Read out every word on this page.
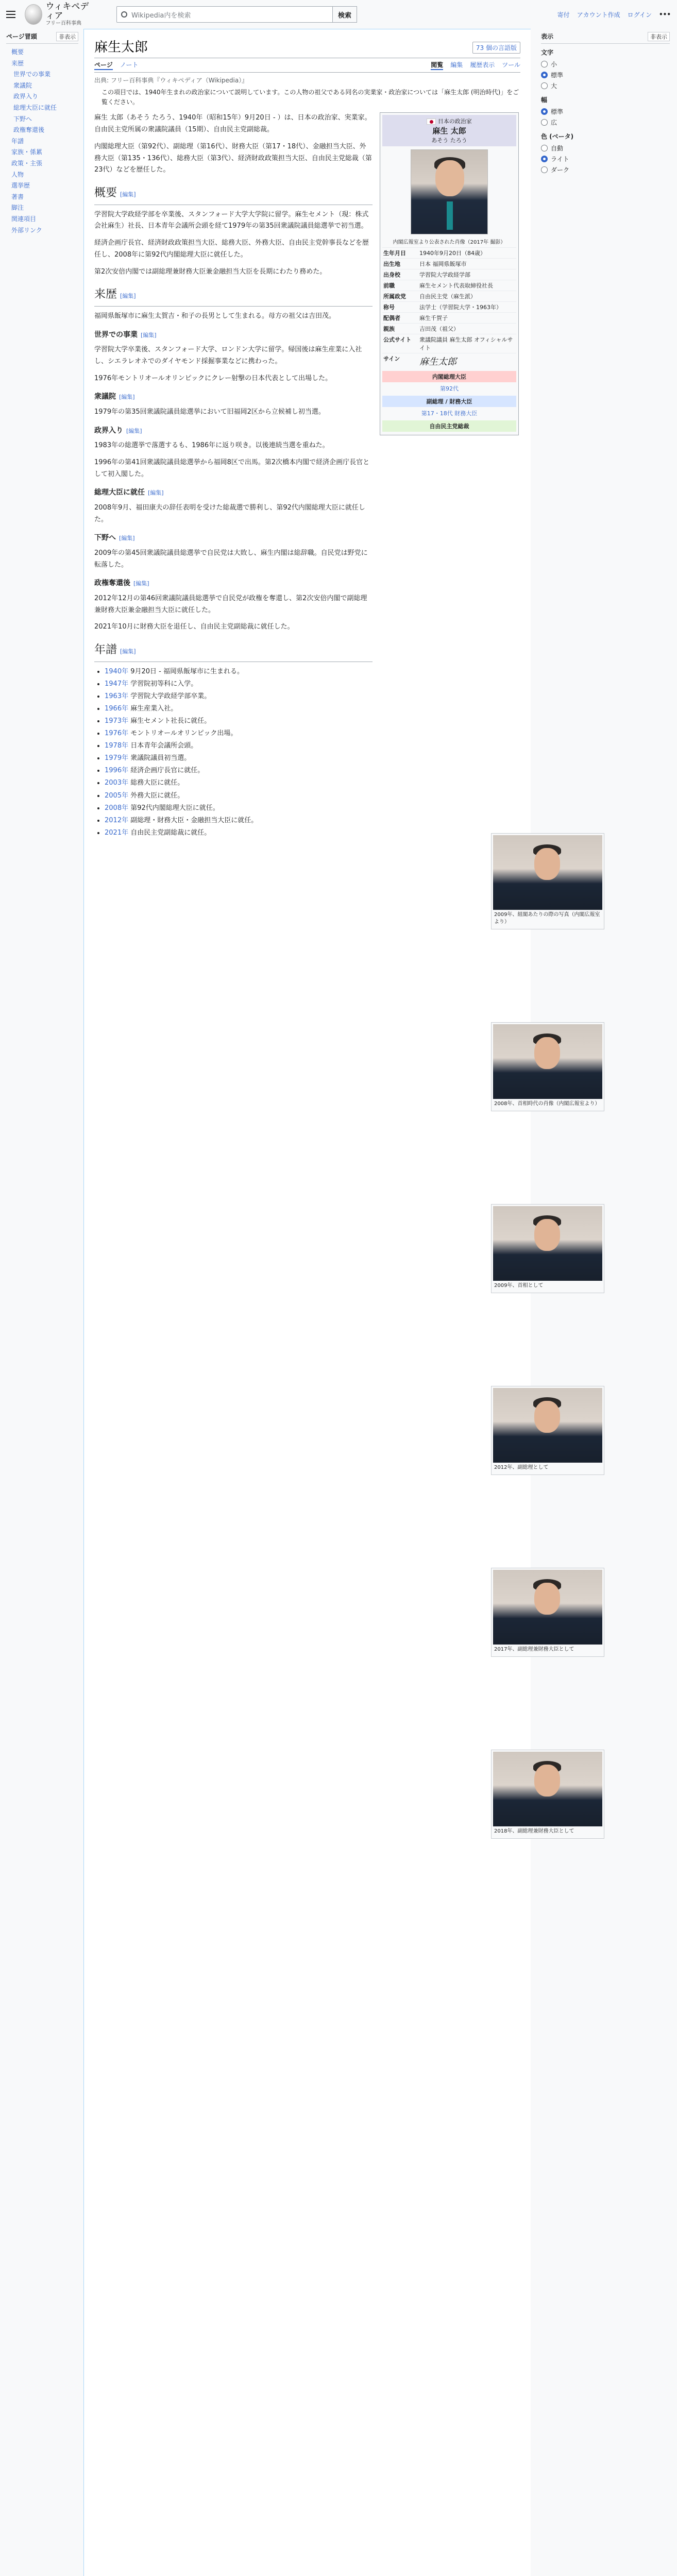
ウィキペディア
フリー百科事典
Wikipedia内を検索	検索	寄付 アカウント作成 ログイン •••
ページ冒頭	非表示
概要
来歴
世界での事業
衆議院
政界入り
総理大臣に就任
下野へ
政権奪還後
年譜
家族・係累
政策・主張
人物
選挙歴
著書
脚注
関連項目
外部リンク
麻生太郎	73 個の言語版
ページ ノート	閲覧 編集 履歴表示 ツール
出典: フリー百科事典『ウィキペディア（Wikipedia）』
この項目では、1940年生まれの政治家について説明しています。この人物の祖父である同名の実業家・政治家については「麻生太郎 (明治時代)」をご覧ください。

麻生 太郎（あそう たろう、1940年（昭和15年）9月20日 - ）は、日本の政治家、実業家。自由民主党所属の衆議院議員（15期）、自由民主党副総裁。

内閣総理大臣（第92代）、副総理（第16代）、財務大臣（第17・18代）、金融担当大臣、外務大臣（第135・136代）、総務大臣（第3代）、経済財政政策担当大臣、自由民主党総裁（第23代）などを歴任した。

概要 [編集]

学習院大学政経学部を卒業後、スタンフォード大学大学院に留学。麻生セメント（現：株式会社麻生）社長、日本青年会議所会頭を経て1979年の第35回衆議院議員総選挙で初当選。

経済企画庁長官、経済財政政策担当大臣、総務大臣、外務大臣、自由民主党幹事長などを歴任し、2008年に第92代内閣総理大臣に就任した。

第2次安倍内閣では副総理兼財務大臣兼金融担当大臣を長期にわたり務めた。

来歴 [編集]

福岡県飯塚市に麻生太賀吉・和子の長男として生まれる。母方の祖父は吉田茂。

世界での事業 [編集]

学習院大学卒業後、スタンフォード大学、ロンドン大学に留学。帰国後は麻生産業に入社し、シエラレオネでのダイヤモンド採掘事業などに携わった。

1976年モントリオールオリンピックにクレー射撃の日本代表として出場した。

衆議院 [編集]

1979年の第35回衆議院議員総選挙において旧福岡2区から立候補し初当選。

政界入り [編集]

1983年の総選挙で落選するも、1986年に返り咲き。以後連続当選を重ねた。

1996年の第41回衆議院議員総選挙から福岡8区で出馬。第2次橋本内閣で経済企画庁長官として初入閣した。

総理大臣に就任 [編集]

2008年9月、福田康夫の辞任表明を受けた総裁選で勝利し、第92代内閣総理大臣に就任した。

下野へ [編集]

2009年の第45回衆議院議員総選挙で自民党は大敗し、麻生内閣は総辞職。自民党は野党に転落した。

政権奪還後 [編集]

2012年12月の第46回衆議院議員総選挙で自民党が政権を奪還し、第2次安倍内閣で副総理兼財務大臣兼金融担当大臣に就任した。

2021年10月に財務大臣を退任し、自由民主党副総裁に就任した。

年譜 [編集]
• 1940年 9月20日 - 福岡県飯塚市に生まれる。
• 1947年 学習院初等科に入学。
• 1963年 学習院大学政経学部卒業。
• 1966年 麻生産業入社。
• 1973年 麻生セメント社長に就任。
• 1976年 モントリオールオリンピック出場。
• 1978年 日本青年会議所会頭。
• 1979年 衆議院議員初当選。
• 1996年 経済企画庁長官に就任。
• 2003年 総務大臣に就任。
• 2005年 外務大臣に就任。
• 2008年 第92代内閣総理大臣に就任。
• 2012年 副総理・財務大臣・金融担当大臣に就任。
• 2021年 自由民主党副総裁に就任。
日本の政治家
麻生 太郎
あそう たろう
内閣広報室より公表された肖像（2017年 撮影）
生年月日	1940年9月20日（84歳）
出生地	日本 福岡県飯塚市
出身校	学習院大学政経学部
前職	麻生セメント代表取締役社長
所属政党	自由民主党（麻生派）
称号	法学士（学習院大学・1963年）
配偶者	麻生千賀子
親族	吉田茂（祖父）
公式サイト	衆議院議員 麻生太郎 オフィシャルサイト
サイン	麻生太郎
内閣総理大臣
第92代
副総理 / 財務大臣
第17・18代 財務大臣
自由民主党総裁
2009年、組閣あたりの際の写真（内閣広報室より）
2008年、首相時代の肖像（内閣広報室より）
2009年、首相として
2012年、副総理として
2017年、副総理兼財務大臣として
2018年、副総理兼財務大臣として
表示	非表示
文字
小
標準
大
幅
標準
広
色 (ベータ)
自動
ライト
ダーク
